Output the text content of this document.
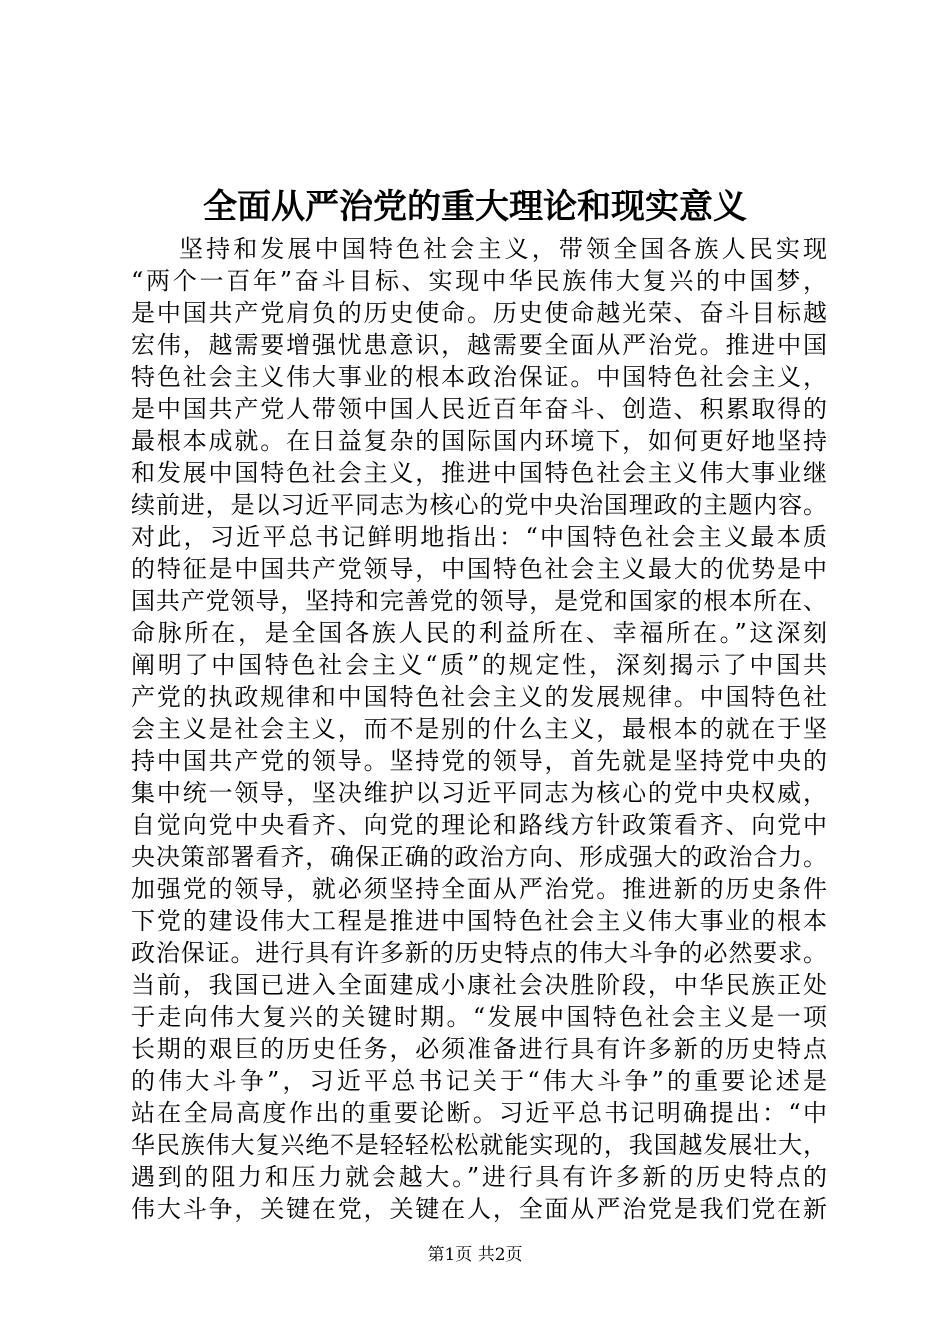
全面从严治党的重大理论和现实意义
坚持和发展中国特色社会主义，带领全国各族人民实现
“两个一百年”奋斗目标、实现中华民族伟大复兴的中国梦，
是中国共产党肩负的历史使命。历史使命越光荣、奋斗目标越
宏伟，越需要增强忧患意识，越需要全面从严治党。推进中国
特色社会主义伟大事业的根本政治保证。中国特色社会主义，
是中国共产党人带领中国人民近百年奋斗、创造、积累取得的
最根本成就。在日益复杂的国际国内环境下，如何更好地坚持
和发展中国特色社会主义，推进中国特色社会主义伟大事业继
续前进，是以习近平同志为核心的党中央治国理政的主题内容。
对此，习近平总书记鲜明地指出：“中国特色社会主义最本质
的特征是中国共产党领导，中国特色社会主义最大的优势是中
国共产党领导，坚持和完善党的领导，是党和国家的根本所在、
命脉所在，是全国各族人民的利益所在、幸福所在。”这深刻
阐明了中国特色社会主义“质”的规定性，深刻揭示了中国共
产党的执政规律和中国特色社会主义的发展规律。中国特色社
会主义是社会主义，而不是别的什么主义，最根本的就在于坚
持中国共产党的领导。坚持党的领导，首先就是坚持党中央的
集中统一领导，坚决维护以习近平同志为核心的党中央权威，
自觉向党中央看齐、向党的理论和路线方针政策看齐、向党中
央决策部署看齐，确保正确的政治方向、形成强大的政治合力。
加强党的领导，就必须坚持全面从严治党。推进新的历史条件
下党的建设伟大工程是推进中国特色社会主义伟大事业的根本
政治保证。进行具有许多新的历史特点的伟大斗争的必然要求。
当前，我国已进入全面建成小康社会决胜阶段，中华民族正处
于走向伟大复兴的关键时期。“发展中国特色社会主义是一项
长期的艰巨的历史任务，必须准备进行具有许多新的历史特点
的伟大斗争”，习近平总书记关于“伟大斗争”的重要论述是
站在全局高度作出的重要论断。习近平总书记明确提出：“中
华民族伟大复兴绝不是轻轻松松就能实现的，我国越发展壮大，
遇到的阻力和压力就会越大。”进行具有许多新的历史特点的
伟大斗争，关键在党，关键在人，全面从严治党是我们党在新
第1页 共2页
